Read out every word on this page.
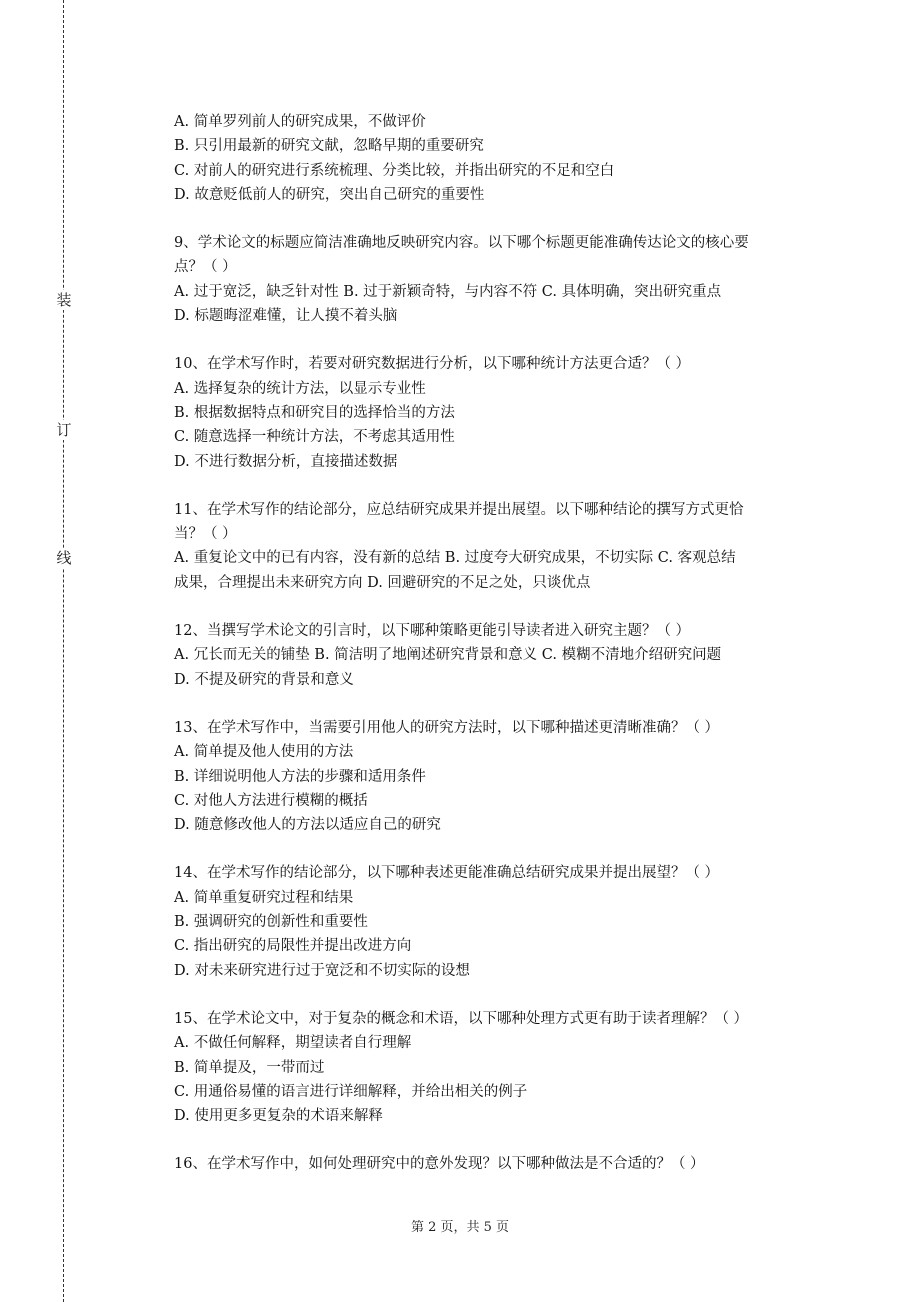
装
订
线
A. 简单罗列前人的研究成果，不做评价
B. 只引用最新的研究文献，忽略早期的重要研究
C. 对前人的研究进行系统梳理、分类比较，并指出研究的不足和空白
D. 故意贬低前人的研究，突出自己研究的重要性
9、学术论文的标题应简洁准确地反映研究内容。以下哪个标题更能准确传达论文的核心要
点？（ ）
A. 过于宽泛，缺乏针对性 B. 过于新颖奇特，与内容不符 C. 具体明确，突出研究重点
D. 标题晦涩难懂，让人摸不着头脑
10、在学术写作时，若要对研究数据进行分析，以下哪种统计方法更合适？（ ）
A. 选择复杂的统计方法，以显示专业性
B. 根据数据特点和研究目的选择恰当的方法
C. 随意选择一种统计方法，不考虑其适用性
D. 不进行数据分析，直接描述数据
11、在学术写作的结论部分，应总结研究成果并提出展望。以下哪种结论的撰写方式更恰
当？（ ）
A. 重复论文中的已有内容，没有新的总结 B. 过度夸大研究成果，不切实际 C. 客观总结
成果，合理提出未来研究方向 D. 回避研究的不足之处，只谈优点
12、当撰写学术论文的引言时，以下哪种策略更能引导读者进入研究主题？（ ）
A. 冗长而无关的铺垫 B. 简洁明了地阐述研究背景和意义 C. 模糊不清地介绍研究问题
D. 不提及研究的背景和意义
13、在学术写作中，当需要引用他人的研究方法时，以下哪种描述更清晰准确？（ ）
A. 简单提及他人使用的方法
B. 详细说明他人方法的步骤和适用条件
C. 对他人方法进行模糊的概括
D. 随意修改他人的方法以适应自己的研究
14、在学术写作的结论部分，以下哪种表述更能准确总结研究成果并提出展望？（ ）
A. 简单重复研究过程和结果
B. 强调研究的创新性和重要性
C. 指出研究的局限性并提出改进方向
D. 对未来研究进行过于宽泛和不切实际的设想
15、在学术论文中，对于复杂的概念和术语，以下哪种处理方式更有助于读者理解？（ ）
A. 不做任何解释，期望读者自行理解
B. 简单提及，一带而过
C. 用通俗易懂的语言进行详细解释，并给出相关的例子
D. 使用更多更复杂的术语来解释
16、在学术写作中，如何处理研究中的意外发现？以下哪种做法是不合适的？（ ）
第 2 页，共 5 页
